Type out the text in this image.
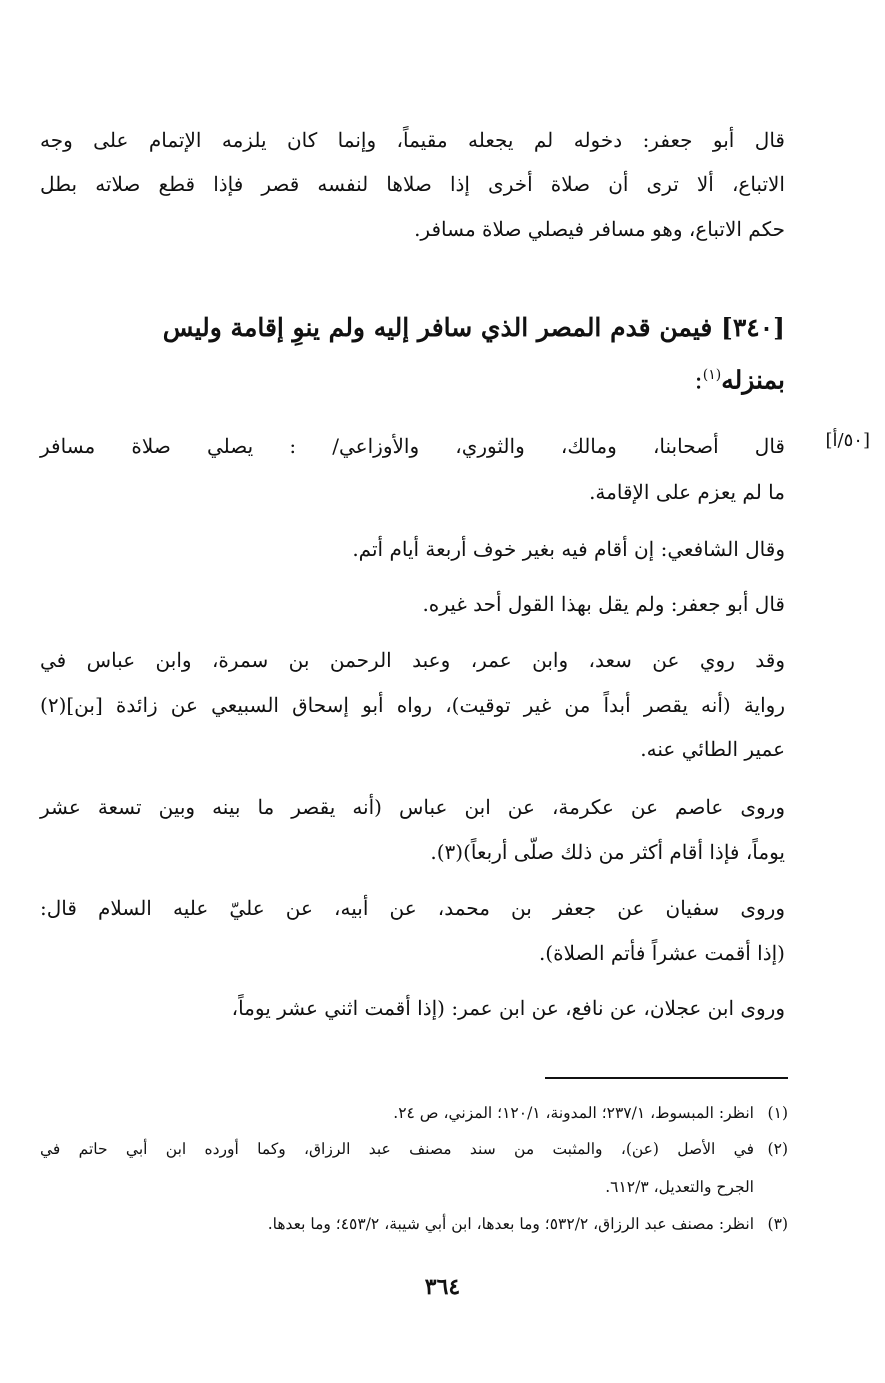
قال أبو جعفر: دخوله لم يجعله مقيماً، وإنما كان يلزمه الإتمام على وجه
الاتباع، ألا ترى أن صلاة أخرى إذا صلاها لنفسه قصر فإذا قطع صلاته بطل
حكم الاتباع، وهو مسافر فيصلي صلاة مسافر.
[٣٤٠] فيمن قدم المصر الذي سافر إليه ولم ينوِ إقامة وليس
بمنزله$^{(١)}$:
[٥٠/أ]
قال أصحابنا، ومالك، والثوري، والأوزاعي/ : يصلي صلاة مسافر
ما لم يعزم على الإقامة.
وقال الشافعي: إن أقام فيه بغير خوف أربعة أيام أتم.
قال أبو جعفر: ولم يقل بهذا القول أحد غيره.
وقد روي عن سعد، وابن عمر، وعبد الرحمن بن سمرة، وابن عباس في
رواية (أنه يقصر أبداً من غير توقيت)، رواه أبو إسحاق السبيعي عن زائدة [بن](٢)
عمير الطائي عنه.
وروى عاصم عن عكرمة، عن ابن عباس (أنه يقصر ما بينه وبين تسعة عشر
يوماً، فإذا أقام أكثر من ذلك صلّى أربعاً)(٣).
وروى سفيان عن جعفر بن محمد، عن أبيه، عن عليّ عليه السلام قال:
(إذا أقمت عشراً فأتم الصلاة).
وروى ابن عجلان، عن نافع، عن ابن عمر: (إذا أقمت اثني عشر يوماً،
(١)انظر: المبسوط، ٢٣٧/١؛ المدونة، ١٢٠/١؛ المزني، ص ٢٤.
(٢)في الأصل (عن)، والمثبت من سند مصنف عبد الرزاق، وكما أورده ابن أبي حاتم في
الجرح والتعديل، ٦١٢/٣.
(٣)انظر: مصنف عبد الرزاق، ٥٣٢/٢؛ وما بعدها، ابن أبي شيبة، ٤٥٣/٢؛ وما بعدها.
٣٦٤
